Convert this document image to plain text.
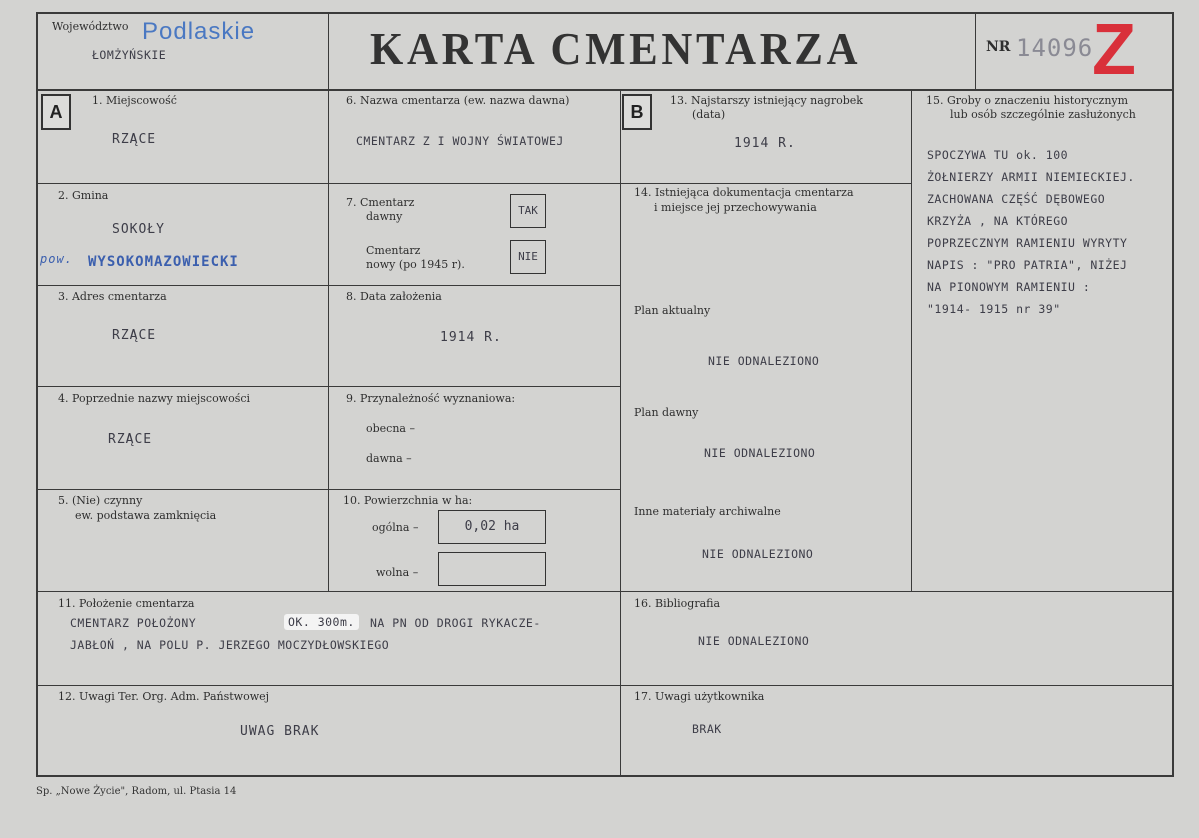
Województwo Podlaskie
ŁOMŻYŃSKIE	KARTA CMENTARZA	NR 14096
Z
A	B
1. Miejscowość
RZĄCE
2. Gmina
SOKOŁY
pow. WYSOKOMAZOWIECKI
3. Adres cmentarza
RZĄCE
4. Poprzednie nazwy miejscowości
RZĄCE
5. (Nie) czynny
ew. podstawa zamknięcia
6. Nazwa cmentarza (ew. nazwa dawna)
CMENTARZ Z I WOJNY ŚWIATOWEJ
7. Cmentarz
dawny	TAK
Cmentarz
nowy (po 1945 r).
NIE
8. Data założenia
1914 R.
9. Przynależność wyznaniowa:
obecna –
dawna –
10. Powierzchnia w ha:
ogólna –	0,02 ha
wolna –
11. Położenie cmentarza
CMENTARZ POŁOŻONY	OK. 300m.	NA PN OD DROGI RYKACZE-
JABŁOŃ , NA POLU P. JERZEGO MOCZYDŁOWSKIEGO
12. Uwagi Ter. Org. Adm. Państwowej
UWAG BRAK
13. Najstarszy istniejący nagrobek
(data)
1914 R.
14. Istniejąca dokumentacja cmentarza
i miejsce jej przechowywania
Plan aktualny
NIE ODNALEZIONO
Plan dawny
NIE ODNALEZIONO
Inne materiały archiwalne
NIE ODNALEZIONO
15. Groby o znaczeniu historycznym
lub osób szczególnie zasłużonych
SPOCZYWA TU ok. 100
ŻOŁNIERZY ARMII NIEMIECKIEJ.
ZACHOWANA CZĘŚĆ DĘBOWEGO
KRZYŻA , NA KTÓREGO
POPRZECZNYM RAMIENIU WYRYTY
NAPIS : "PRO PATRIA", NIŻEJ
NA PIONOWYM RAMIENIU :
"1914- 1915 nr 39"
16. Bibliografia
NIE ODNALEZIONO
17. Uwagi użytkownika
BRAK
Sp. „Nowe Życie", Radom, ul. Ptasia 14
